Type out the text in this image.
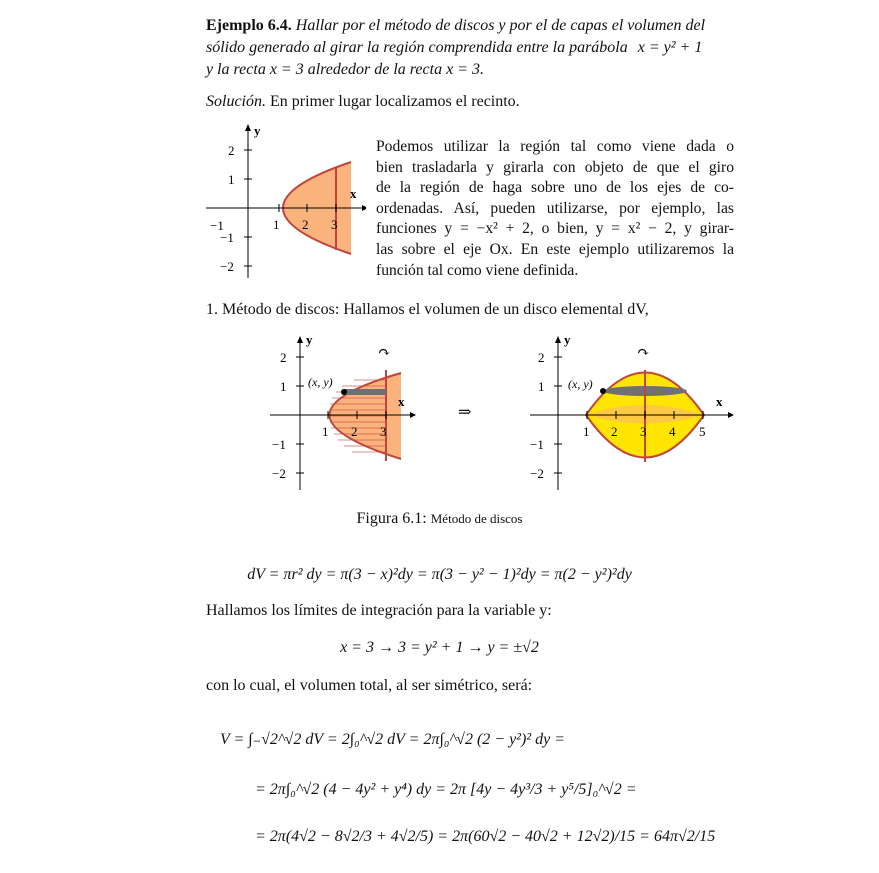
Ejemplo 6.4. Hallar por el método de discos y por el de capas el volumen del
sólido generado al girar la región comprendida entre la parábola x = y² + 1
y la recta x = 3 alrededor de la recta x = 3.
Solución. En primer lugar localizamos el recinto.
y
x
2
1
−1
−2
−1	1 2 3
Podemos utilizar la región tal como viene dada o
bien trasladarla y girarla con objeto de que el giro
de la región de haga sobre uno de los ejes de co-
ordenadas. Así, pueden utilizarse, por ejemplo, las
funciones y = −x² + 2, o bien, y = x² − 2, y girar-
las sobre el eje Ox. En este ejemplo utilizaremos la
función tal como viene definida.
1. Método de discos: Hallamos el volumen de un disco elemental dV,
y
x
(x, y)
↷
2
1
−1
−2
1 2 3
⇒
y
x
(x, y)
↷
2
1
−1
−2
1 2 3 4 5
Figura 6.1: Método de discos
dV = πr² dy = π(3 − x)²dy = π(3 − y² − 1)²dy = π(2 − y²)²dy
Hallamos los límites de integración para la variable y:
x = 3 → 3 = y² + 1 → y = ±√2
con lo cual, el volumen total, al ser simétrico, será:
V = ∫₋√2^√2 dV = 2∫₀^√2 dV = 2π∫₀^√2 (2 − y²)² dy =
= 2π∫₀^√2 (4 − 4y² + y⁴) dy = 2π [4y − 4y³/3 + y⁵/5]₀^√2 =
= 2π(4√2 − 8√2/3 + 4√2/5) = 2π(60√2 − 40√2 + 12√2)/15 = 64π√2/15
